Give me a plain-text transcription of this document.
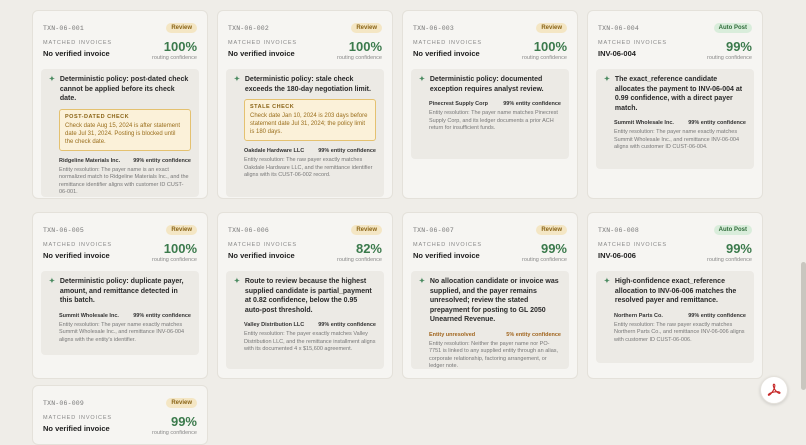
TXN-06-001	Review
MATCHED INVOICES
No verified invoice	100%
routing confidence
✦ Deterministic policy: post-dated check cannot be applied before its check date.
POST-DATED CHECK
Check date Aug 15, 2024 is after statement date Jul 31, 2024. Posting is blocked until the check date.
Ridgeline Materials Inc. 99% entity confidence
Entity resolution: The payer name is an exact normalized match to Ridgeline Materials Inc., and the remittance identifier aligns with customer ID CUST-06-001.
TXN-06-002	Review
MATCHED INVOICES
No verified invoice	100%
routing confidence
✦ Deterministic policy: stale check exceeds the 180-day negotiation limit.
STALE CHECK
Check date Jan 10, 2024 is 203 days before statement date Jul 31, 2024; the policy limit is 180 days.
Oakdale Hardware LLC	99% entity confidence
Entity resolution: The raw payer exactly matches Oakdale Hardware LLC, and the remittance identifier aligns with its CUST-06-002 record.
TXN-06-003	Review
MATCHED INVOICES
No verified invoice	100%
routing confidence
✦ Deterministic policy: documented exception requires analyst review.
Pinecrest Supply Corp	99% entity confidence
Entity resolution: The payer name matches Pinecrest Supply Corp, and its ledger documents a prior ACH return for insufficient funds.
TXN-06-004	Auto Post
MATCHED INVOICES
INV-06-004	99%
routing confidence
✦ The exact_reference candidate allocates the payment to INV-06-004 at 0.99 confidence, with a direct payer match.
Summit Wholesale Inc.	99% entity confidence
Entity resolution: The payer name exactly matches Summit Wholesale Inc., and remittance INV-06-004 aligns with customer ID CUST-06-004.
TXN-06-005	Review
MATCHED INVOICES
No verified invoice	100%
routing confidence
✦ Deterministic policy: duplicate payer, amount, and remittance detected in this batch.
Summit Wholesale Inc.	99% entity confidence
Entity resolution: The payer name exactly matches Summit Wholesale Inc., and remittance INV-06-004 aligns with the entity's identifier.
TXN-06-006	Review
MATCHED INVOICES
No verified invoice	82%
routing confidence
✦ Route to review because the highest supplied candidate is partial_payment at 0.82 confidence, below the 0.95 auto-post threshold.
Valley Distribution LLC	99% entity confidence
Entity resolution: The payer exactly matches Valley Distribution LLC, and the remittance installment aligns with its documented 4 x $15,600 agreement.
TXN-06-007	Review
MATCHED INVOICES
No verified invoice	99%
routing confidence
✦ No allocation candidate or invoice was supplied, and the payer remains unresolved; review the stated prepayment for posting to GL 2050 Unearned Revenue.
Entity unresolved	5% entity confidence
Entity resolution: Neither the payer name nor PO-7751 is linked to any supplied entity through an alias, corporate relationship, factoring arrangement, or ledger note.
TXN-06-008	Auto Post
MATCHED INVOICES
INV-06-006	99%
routing confidence
✦ High-confidence exact_reference allocation to INV-06-006 matches the resolved payer and remittance.
Northern Parts Co.	99% entity confidence
Entity resolution: The raw payer exactly matches Northern Parts Co., and remittance INV-06-006 aligns with customer ID CUST-06-006.
TXN-06-009	Review
MATCHED INVOICES
No verified invoice	99%
routing confidence
